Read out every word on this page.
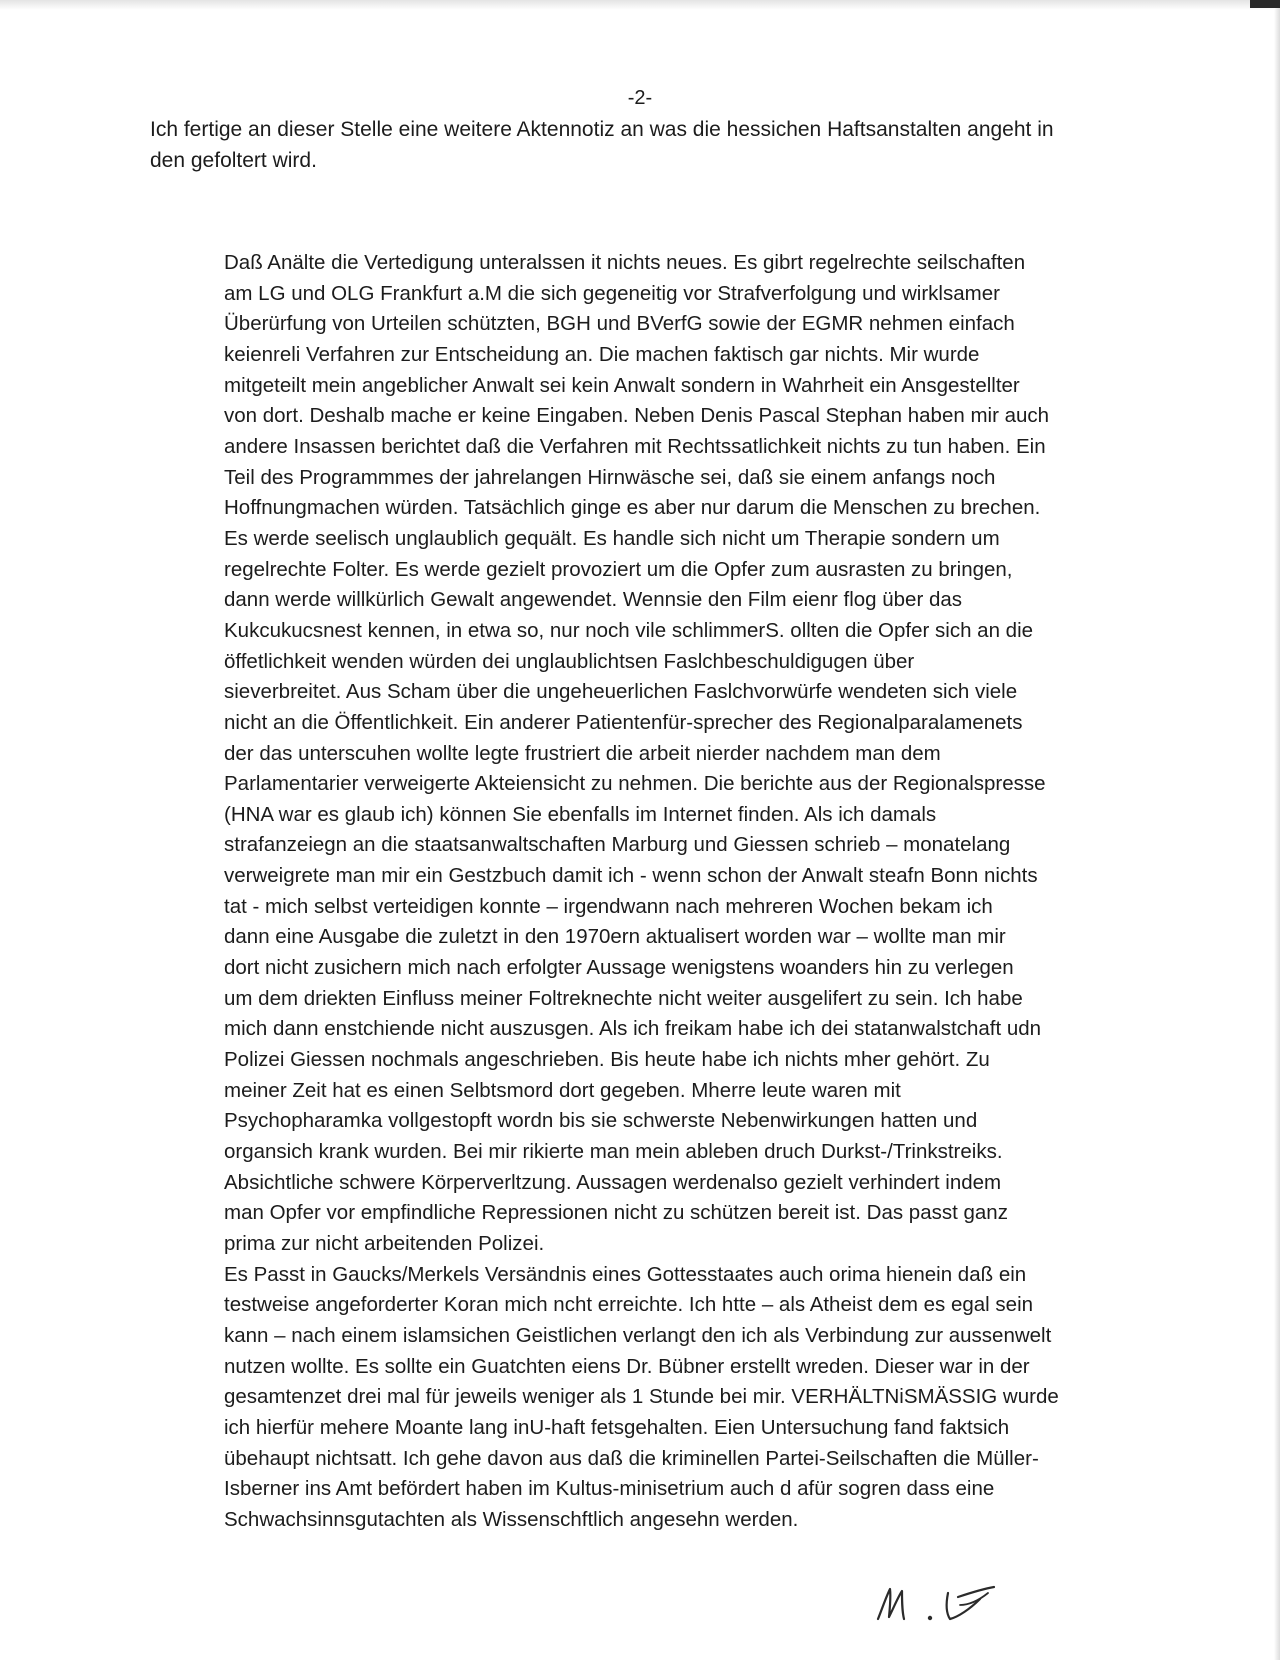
-2-
Ich fertige an dieser Stelle eine weitere Aktennotiz an was die hessichen Haftsanstalten angeht in
den gefoltert wird.
Daß Anälte die Vertedigung unteralssen it nichts neues. Es gibrt regelrechte seilschaften
am LG und OLG Frankfurt a.M die sich gegeneitig vor Strafverfolgung und wirklsamer
Überürfung von Urteilen schützten, BGH und BVerfG sowie der EGMR nehmen einfach
keienreli Verfahren zur Entscheidung an. Die machen faktisch gar nichts. Mir wurde
mitgeteilt mein angeblicher Anwalt sei kein Anwalt sondern in Wahrheit ein Ansgestellter
von dort. Deshalb mache er keine Eingaben. Neben Denis Pascal Stephan haben mir auch
andere Insassen berichtet daß die Verfahren mit Rechtssatlichkeit nichts zu tun haben. Ein
Teil des Programmmes der jahrelangen Hirnwäsche sei, daß sie einem anfangs noch
Hoffnungmachen würden. Tatsächlich ginge es aber nur darum die Menschen zu brechen.
Es werde seelisch unglaublich gequält. Es handle sich nicht um Therapie sondern um
regelrechte Folter. Es werde gezielt provoziert um die Opfer zum ausrasten zu bringen,
dann werde willkürlich Gewalt angewendet. Wennsie den Film eienr flog über das
Kukcukucsnest kennen, in etwa so, nur noch vile schlimmerS. ollten die Opfer sich an die
öffetlichkeit wenden würden dei unglaublichtsen Faslchbeschuldigugen über
sieverbreitet. Aus Scham über die ungeheuerlichen Faslchvorwürfe wendeten sich viele
nicht an die Öffentlichkeit. Ein anderer Patientenfür-sprecher des Regionalparalamenets
der das unterscuhen wollte legte frustriert die arbeit nierder nachdem man dem
Parlamentarier verweigerte Akteiensicht zu nehmen. Die berichte aus der Regionalspresse
(HNA war es glaub ich) können Sie ebenfalls im Internet finden. Als ich damals
strafanzeiegn an die staatsanwaltschaften Marburg und Giessen schrieb – monatelang
verweigrete man mir ein Gestzbuch damit ich - wenn schon der Anwalt steafn Bonn nichts
tat - mich selbst verteidigen konnte – irgendwann nach mehreren Wochen bekam ich
dann eine Ausgabe die zuletzt in den 1970ern aktualisert worden war – wollte man mir
dort nicht zusichern mich nach erfolgter Aussage wenigstens woanders hin zu verlegen
um dem driekten Einfluss meiner Foltreknechte nicht weiter ausgelifert zu sein. Ich habe
mich dann enstchiende nicht auszusgen. Als ich freikam habe ich dei statanwalstchaft udn
Polizei Giessen nochmals angeschrieben. Bis heute habe ich nichts mher gehört. Zu
meiner Zeit hat es einen Selbtsmord dort gegeben. Mherre leute waren mit
Psychopharamka vollgestopft wordn bis sie schwerste Nebenwirkungen hatten und
organsich krank wurden. Bei mir rikierte man mein ableben druch Durkst-/Trinkstreiks.
Absichtliche schwere Körperverltzung. Aussagen werdenalso gezielt verhindert indem
man Opfer vor empfindliche Repressionen nicht zu schützen bereit ist. Das passt ganz
prima zur nicht arbeitenden Polizei.
Es Passt in Gaucks/Merkels Versändnis eines Gottesstaates auch orima hienein daß ein
testweise angeforderter Koran mich ncht erreichte. Ich htte – als Atheist dem es egal sein
kann – nach einem islamsichen Geistlichen verlangt den ich als Verbindung zur aussenwelt
nutzen wollte. Es sollte ein Guatchten eiens Dr. Bübner erstellt wreden. Dieser war in der
gesamtenzet drei mal für jeweils weniger als 1 Stunde bei mir. VERHÄLTNiSMÄSSIG wurde
ich hierfür mehere Moante lang inU-haft fetsgehalten. Eien Untersuchung fand faktsich
übehaupt nichtsatt. Ich gehe davon aus daß die kriminellen Partei-Seilschaften die Müller-
Isberner ins Amt befördert haben im Kultus-minisetrium auch d afür sogren dass eine
Schwachsinnsgutachten als Wissenschftlich angesehn werden.
